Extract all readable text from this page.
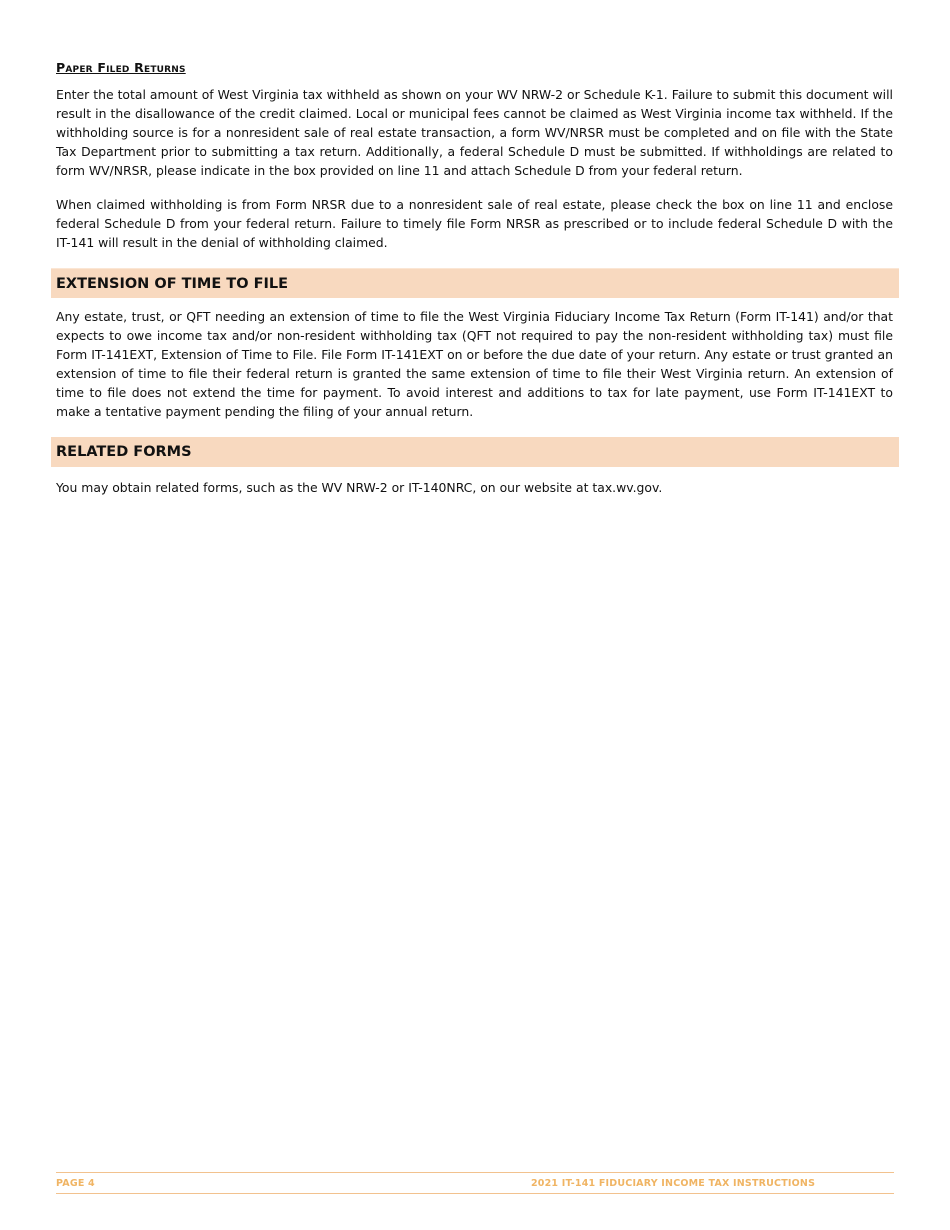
Paper Filed Returns

Enter the total amount of West Virginia tax withheld as shown on your WV NRW-2 or Schedule K-1. Failure to submit this document will result in the disallowance of the credit claimed. Local or municipal fees cannot be claimed as West Virginia income tax withheld. If the withholding source is for a nonresident sale of real estate transaction, a form WV/NRSR must be completed and on file with the State Tax Department prior to submitting a tax return. Additionally, a federal Schedule D must be submitted. If withholdings are related to form WV/NRSR, please indicate in the box provided on line 11 and attach Schedule D from your federal return.

When claimed withholding is from Form NRSR due to a nonresident sale of real estate, please check the box on line 11 and enclose federal Schedule D from your federal return. Failure to timely file Form NRSR as prescribed or to include federal Schedule D with the IT-141 will result in the denial of withholding claimed.

EXTENSION OF TIME TO FILE

Any estate, trust, or QFT needing an extension of time to file the West Virginia Fiduciary Income Tax Return (Form IT-141) and/or that expects to owe income tax and/or non-resident withholding tax (QFT not required to pay the non-resident withholding tax) must file Form IT-141EXT, Extension of Time to File. File Form IT-141EXT on or before the due date of your return. Any estate or trust granted an extension of time to file their federal return is granted the same extension of time to file their West Virginia return. An extension of time to file does not extend the time for payment. To avoid interest and additions to tax for late payment, use Form IT-141EXT to make a tentative payment pending the filing of your annual return.

RELATED FORMS

You may obtain related forms, such as the WV NRW-2 or IT-140NRC, on our website at tax.wv.gov.

PAGE 4	2021 IT-141 FIDUCIARY INCOME TAX INSTRUCTIONS
